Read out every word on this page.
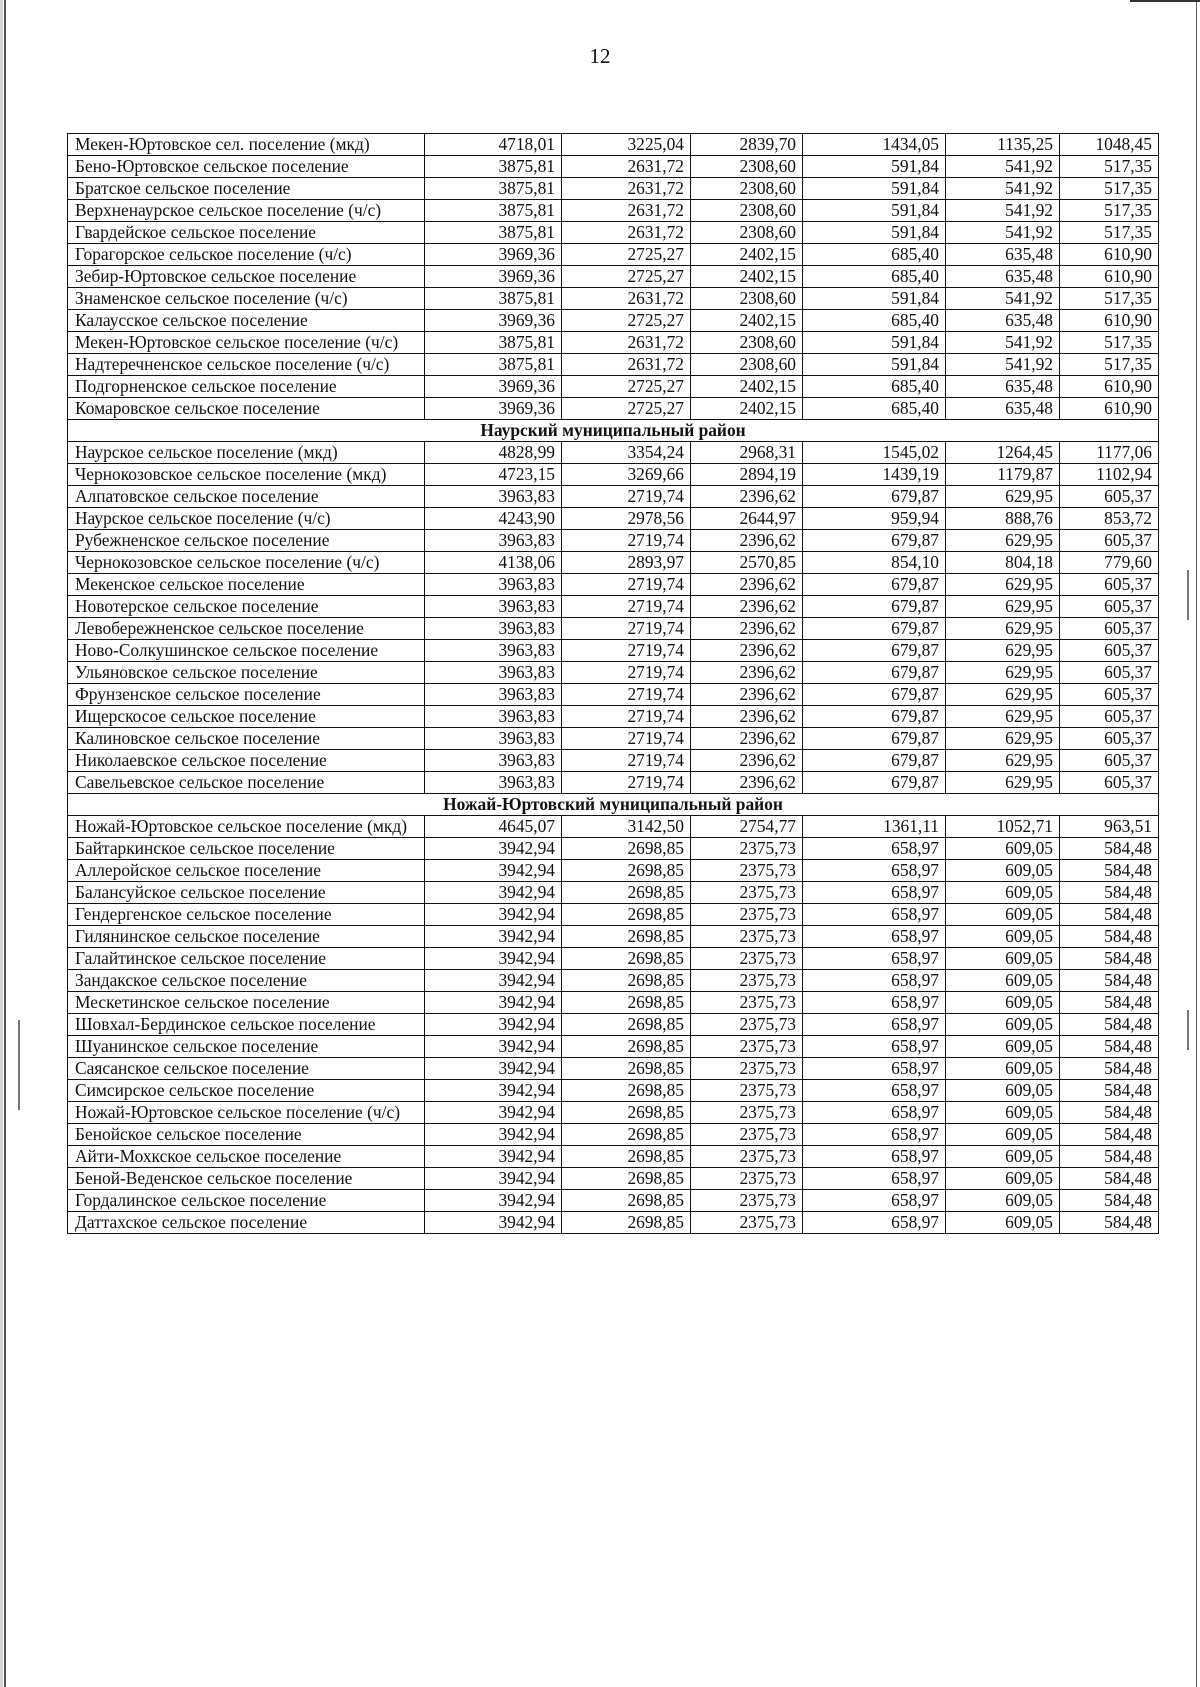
12
Мекен-Юртовское сел. поселение (мкд)	4718,01	3225,04	2839,70	1434,05	1135,25	1048,45
Бено-Юртовское сельское поселение	3875,81	2631,72	2308,60	591,84	541,92	517,35
Братское сельское поселение	3875,81	2631,72	2308,60	591,84	541,92	517,35
Верхненаурское сельское поселение (ч/с)	3875,81	2631,72	2308,60	591,84	541,92	517,35
Гвардейское сельское поселение	3875,81	2631,72	2308,60	591,84	541,92	517,35
Горагорское сельское поселение (ч/с)	3969,36	2725,27	2402,15	685,40	635,48	610,90
Зебир-Юртовское сельское поселение	3969,36	2725,27	2402,15	685,40	635,48	610,90
Знаменское сельское поселение (ч/с)	3875,81	2631,72	2308,60	591,84	541,92	517,35
Калаусское сельское поселение	3969,36	2725,27	2402,15	685,40	635,48	610,90
Мекен-Юртовское сельское поселение (ч/с)	3875,81	2631,72	2308,60	591,84	541,92	517,35
Надтеречненское сельское поселение (ч/с)	3875,81	2631,72	2308,60	591,84	541,92	517,35
Подгорненское сельское поселение	3969,36	2725,27	2402,15	685,40	635,48	610,90
Комаровское сельское поселение	3969,36	2725,27	2402,15	685,40	635,48	610,90
Наурский муниципальный район						
Наурское сельское поселение (мкд)	4828,99	3354,24	2968,31	1545,02	1264,45	1177,06
Чернокозовское сельское поселение (мкд)	4723,15	3269,66	2894,19	1439,19	1179,87	1102,94
Алпатовское сельское поселение	3963,83	2719,74	2396,62	679,87	629,95	605,37
Наурское сельское поселение (ч/с)	4243,90	2978,56	2644,97	959,94	888,76	853,72
Рубежненское сельское поселение	3963,83	2719,74	2396,62	679,87	629,95	605,37
Чернокозовское сельское поселение (ч/с)	4138,06	2893,97	2570,85	854,10	804,18	779,60
Мекенское сельское поселение	3963,83	2719,74	2396,62	679,87	629,95	605,37
Новотерское сельское поселение	3963,83	2719,74	2396,62	679,87	629,95	605,37
Левобережненское сельское поселение	3963,83	2719,74	2396,62	679,87	629,95	605,37
Ново-Солкушинское сельское поселение	3963,83	2719,74	2396,62	679,87	629,95	605,37
Ульяновское сельское поселение	3963,83	2719,74	2396,62	679,87	629,95	605,37
Фрунзенское сельское поселение	3963,83	2719,74	2396,62	679,87	629,95	605,37
Ищерскосое сельское поселение	3963,83	2719,74	2396,62	679,87	629,95	605,37
Калиновское сельское поселение	3963,83	2719,74	2396,62	679,87	629,95	605,37
Николаевское сельское поселение	3963,83	2719,74	2396,62	679,87	629,95	605,37
Савельевское сельское поселение	3963,83	2719,74	2396,62	679,87	629,95	605,37
Ножай-Юртовский муниципальный район						
Ножай-Юртовское сельское поселение (мкд)	4645,07	3142,50	2754,77	1361,11	1052,71	963,51
Байтаркинское сельское поселение	3942,94	2698,85	2375,73	658,97	609,05	584,48
Аллеройское сельское поселение	3942,94	2698,85	2375,73	658,97	609,05	584,48
Балансуйское сельское поселение	3942,94	2698,85	2375,73	658,97	609,05	584,48
Гендергенское сельское поселение	3942,94	2698,85	2375,73	658,97	609,05	584,48
Гилянинское сельское поселение	3942,94	2698,85	2375,73	658,97	609,05	584,48
Галайтинское сельское поселение	3942,94	2698,85	2375,73	658,97	609,05	584,48
Зандакское сельское поселение	3942,94	2698,85	2375,73	658,97	609,05	584,48
Мескетинское сельское поселение	3942,94	2698,85	2375,73	658,97	609,05	584,48
Шовхал-Бердинское сельское поселение	3942,94	2698,85	2375,73	658,97	609,05	584,48
Шуанинское сельское поселение	3942,94	2698,85	2375,73	658,97	609,05	584,48
Саясанское сельское поселение	3942,94	2698,85	2375,73	658,97	609,05	584,48
Симсирское сельское поселение	3942,94	2698,85	2375,73	658,97	609,05	584,48
Ножай-Юртовское сельское поселение (ч/с)	3942,94	2698,85	2375,73	658,97	609,05	584,48
Бенойское сельское поселение	3942,94	2698,85	2375,73	658,97	609,05	584,48
Айти-Мохкское сельское поселение	3942,94	2698,85	2375,73	658,97	609,05	584,48
Беной-Веденское сельское поселение	3942,94	2698,85	2375,73	658,97	609,05	584,48
Гордалинское сельское поселение	3942,94	2698,85	2375,73	658,97	609,05	584,48
Даттахское сельское поселение	3942,94	2698,85	2375,73	658,97	609,05	584,48
